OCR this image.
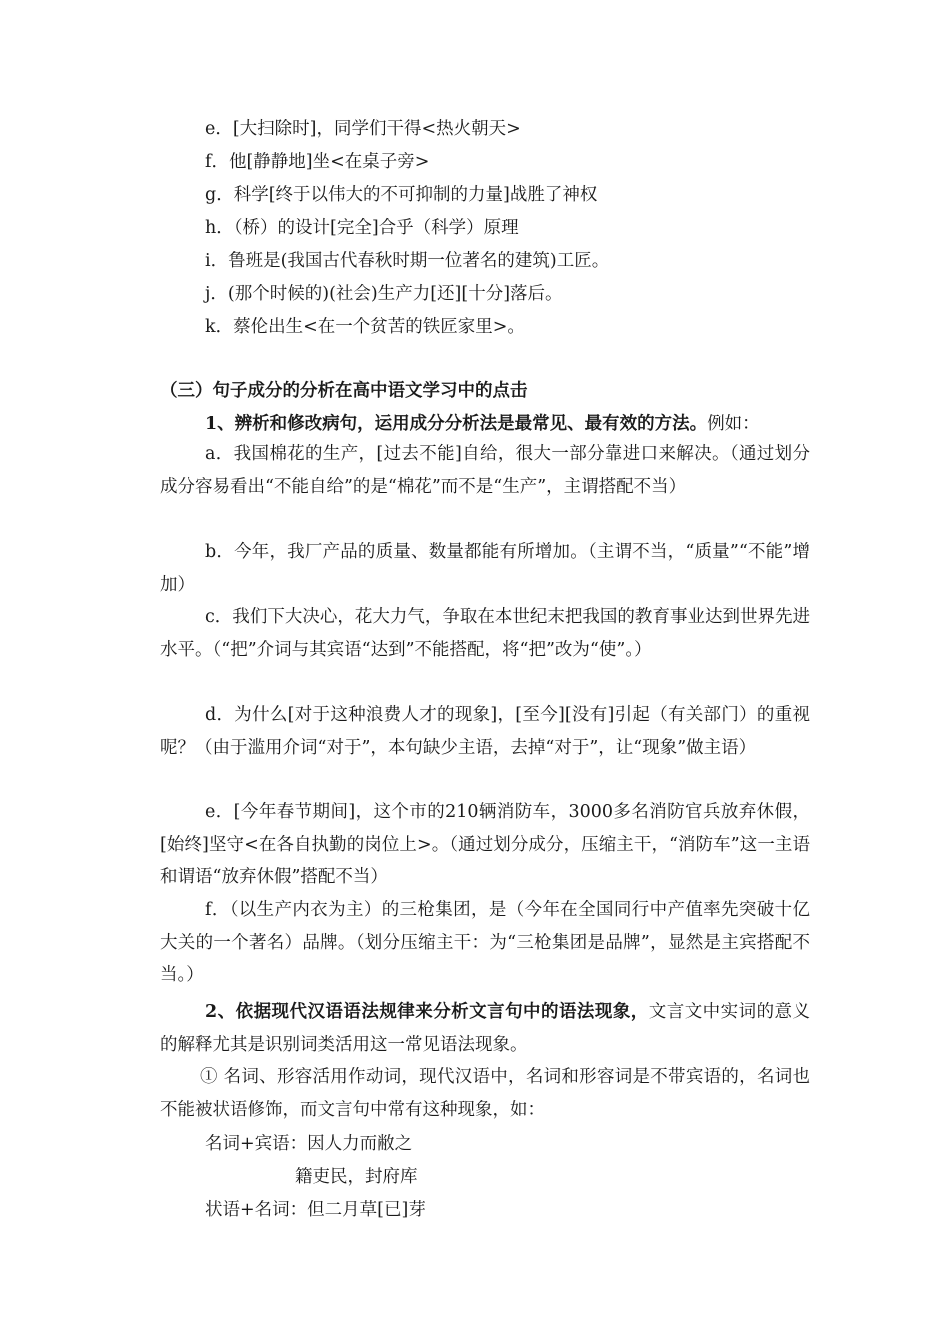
e．[大扫除时]，同学们干得<热火朝天>
f．他[静静地]坐<在桌子旁>
g．科学[终于以伟大的不可抑制的力量]战胜了神权
h．（桥）的设计[完全]合乎（科学）原理
i．鲁班是(我国古代春秋时期一位著名的建筑)工匠。
j．(那个时候的)(社会)生产力[还][十分]落后。
k．蔡伦出生<在一个贫苦的铁匠家里>。
（三）句子成分的分析在高中语文学习中的点击
1、辨析和修改病句，运用成分分析法是最常见、最有效的方法。例如：
a．我国棉花的生产，[过去不能]自给，很大一部分靠进口来解决。（通过划分成分容易看出“不能自给”的是“棉花”而不是“生产”，主谓搭配不当）
b．今年，我厂产品的质量、数量都能有所增加。（主谓不当，“质量”“不能”增加）
c．我们下大决心，花大力气，争取在本世纪末把我国的教育事业达到世界先进水平。（“把”介词与其宾语“达到”不能搭配，将“把”改为“使”。）
d．为什么[对于这种浪费人才的现象]，[至今][没有]引起（有关部门）的重视呢？（由于滥用介词“对于”，本句缺少主语，去掉“对于”，让“现象”做主语）
e．[今年春节期间]，这个市的210辆消防车，3000多名消防官兵放弃休假，[始终]坚守<在各自执勤的岗位上>。（通过划分成分，压缩主干，“消防车”这一主语和谓语“放弃休假”搭配不当）
f．（以生产内衣为主）的三枪集团，是（今年在全国同行中产值率先突破十亿大关的一个著名）品牌。（划分压缩主干：为“三枪集团是品牌”，显然是主宾搭配不当。）
2、依据现代汉语语法规律来分析文言句中的语法现象，文言文中实词的意义的解释尤其是识别词类活用这一常见语法现象。
① 名词、形容活用作动词，现代汉语中，名词和形容词是不带宾语的，名词也不能被状语修饰，而文言句中常有这种现象，如：
名词+宾语：因人力而敝之
籍吏民，封府库
状语+名词：但二月草[已]芽
